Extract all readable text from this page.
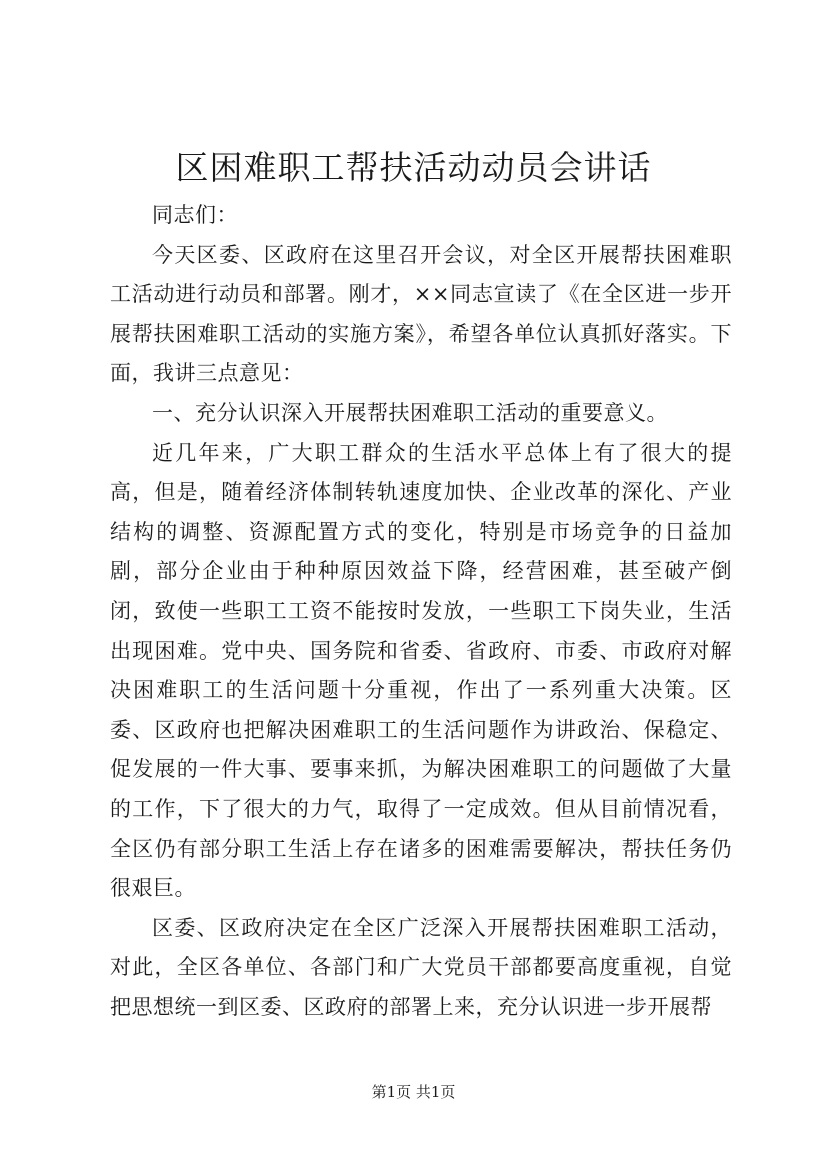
区困难职工帮扶活动动员会讲话

同志们：

今天区委、区政府在这里召开会议，对全区开展帮扶困难职工活动进行动员和部署。刚才，××同志宣读了《在全区进一步开展帮扶困难职工活动的实施方案》，希望各单位认真抓好落实。下面，我讲三点意见：

一、充分认识深入开展帮扶困难职工活动的重要意义。

近几年来，广大职工群众的生活水平总体上有了很大的提高，但是，随着经济体制转轨速度加快、企业改革的深化、产业结构的调整、资源配置方式的变化，特别是市场竞争的日益加剧，部分企业由于种种原因效益下降，经营困难，甚至破产倒闭，致使一些职工工资不能按时发放，一些职工下岗失业，生活出现困难。党中央、国务院和省委、省政府、市委、市政府对解决困难职工的生活问题十分重视，作出了一系列重大决策。区委、区政府也把解决困难职工的生活问题作为讲政治、保稳定、促发展的一件大事、要事来抓，为解决困难职工的问题做了大量的工作，下了很大的力气，取得了一定成效。但从目前情况看，全区仍有部分职工生活上存在诸多的困难需要解决，帮扶任务仍很艰巨。

区委、区政府决定在全区广泛深入开展帮扶困难职工活动，对此，全区各单位、各部门和广大党员干部都要高度重视，自觉把思想统一到区委、区政府的部署上来，充分认识进一步开展帮

第1页 共1页
